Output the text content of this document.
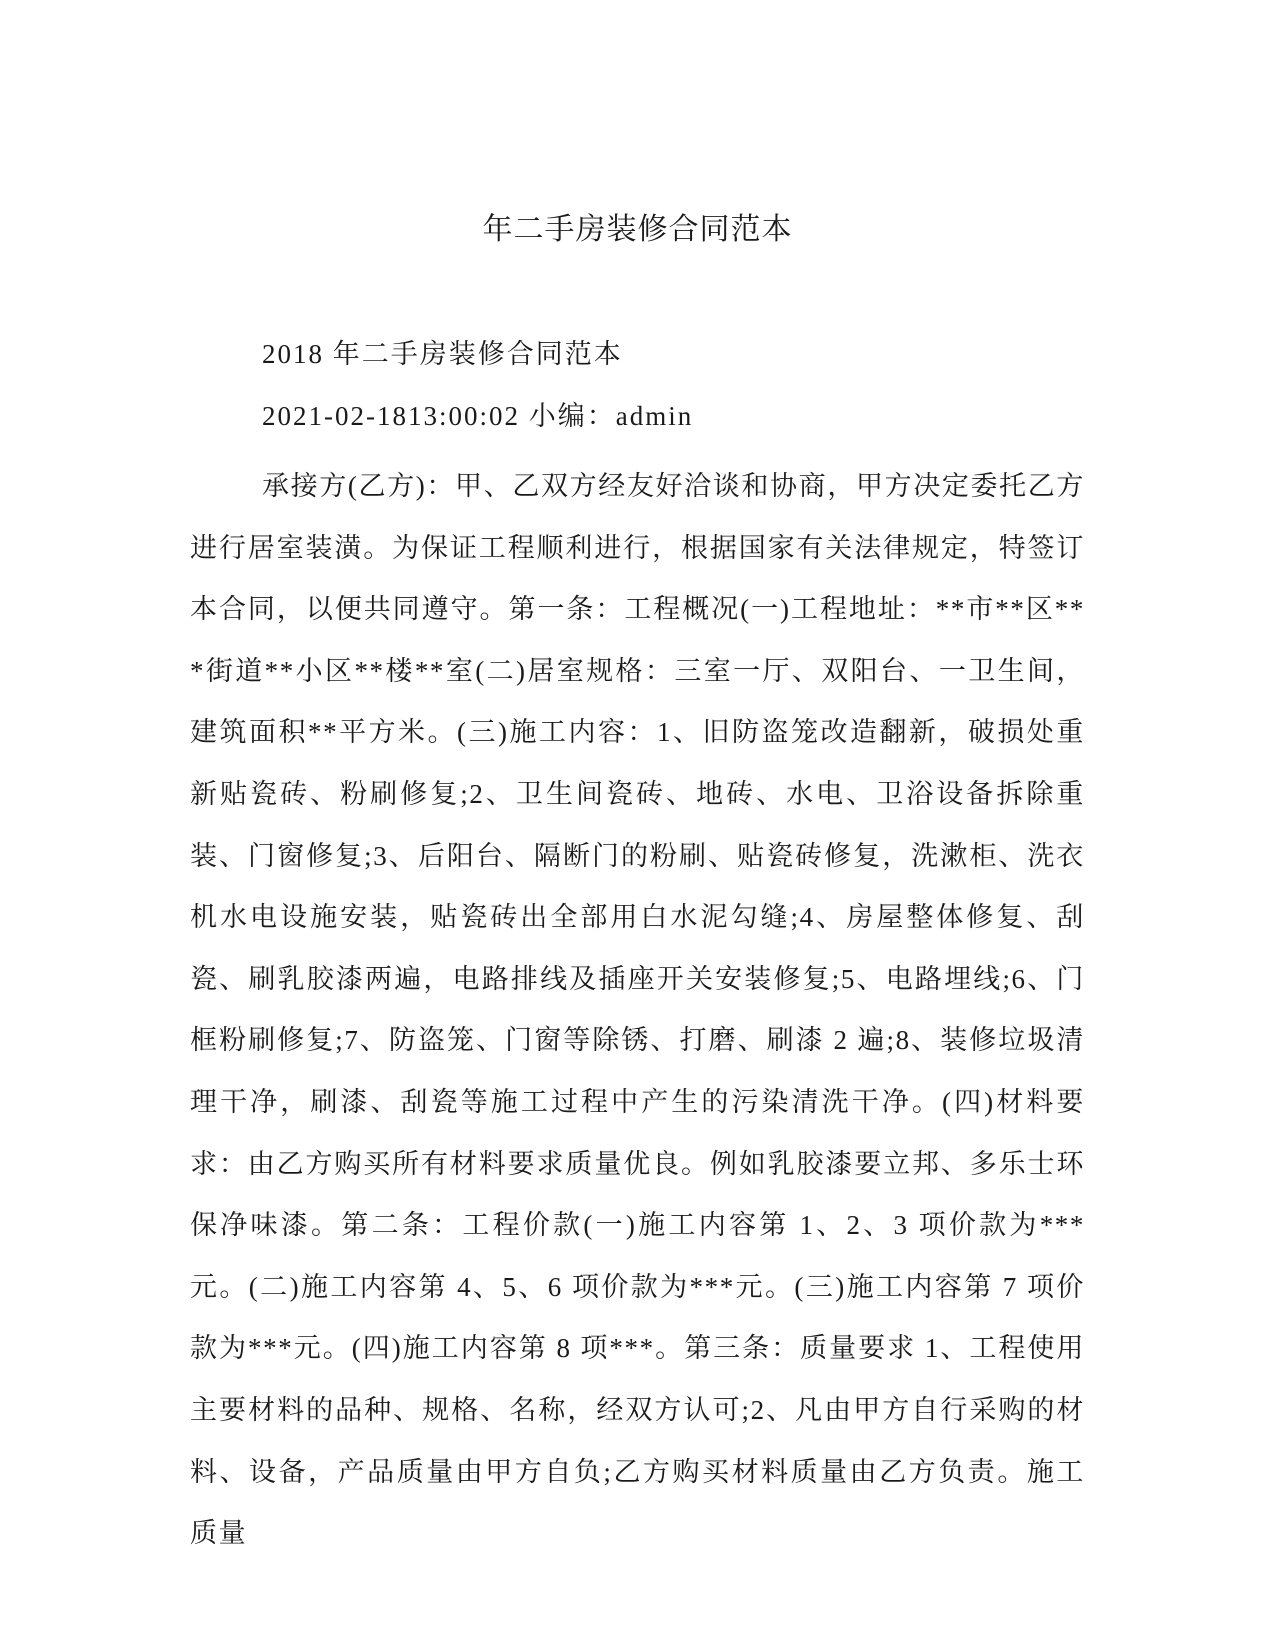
年二手房装修合同范本

2018 年二手房装修合同范本

2021-02-1813:00:02 小编：admin

承接方(乙方)：甲、乙双方经友好洽谈和协商，甲方决定委托乙方进行居室装潢。为保证工程顺利进行，根据国家有关法律规定，特签订本合同，以便共同遵守。第一条：工程概况(一)工程地址：**市**区***街道**小区**楼**室(二)居室规格：三室一厅、双阳台、一卫生间，建筑面积**平方米。(三)施工内容：1、旧防盗笼改造翻新，破损处重新贴瓷砖、粉刷修复;2、卫生间瓷砖、地砖、水电、卫浴设备拆除重装、门窗修复;3、后阳台、隔断门的粉刷、贴瓷砖修复，洗漱柜、洗衣机水电设施安装，贴瓷砖出全部用白水泥勾缝;4、房屋整体修复、刮瓷、刷乳胶漆两遍，电路排线及插座开关安装修复;5、电路埋线;6、门框粉刷修复;7、防盗笼、门窗等除锈、打磨、刷漆 2 遍;8、装修垃圾清理干净，刷漆、刮瓷等施工过程中产生的污染清洗干净。(四)材料要求：由乙方购买所有材料要求质量优良。例如乳胶漆要立邦、多乐士环保净味漆。第二条：工程价款(一)施工内容第 1、2、3 项价款为***元。(二)施工内容第 4、5、6 项价款为***元。(三)施工内容第 7 项价款为***元。(四)施工内容第 8 项***。第三条：质量要求 1、工程使用主要材料的品种、规格、名称，经双方认可;2、凡由甲方自行采购的材料、设备，产品质量由甲方自负;乙方购买材料质量由乙方负责。施工质量
